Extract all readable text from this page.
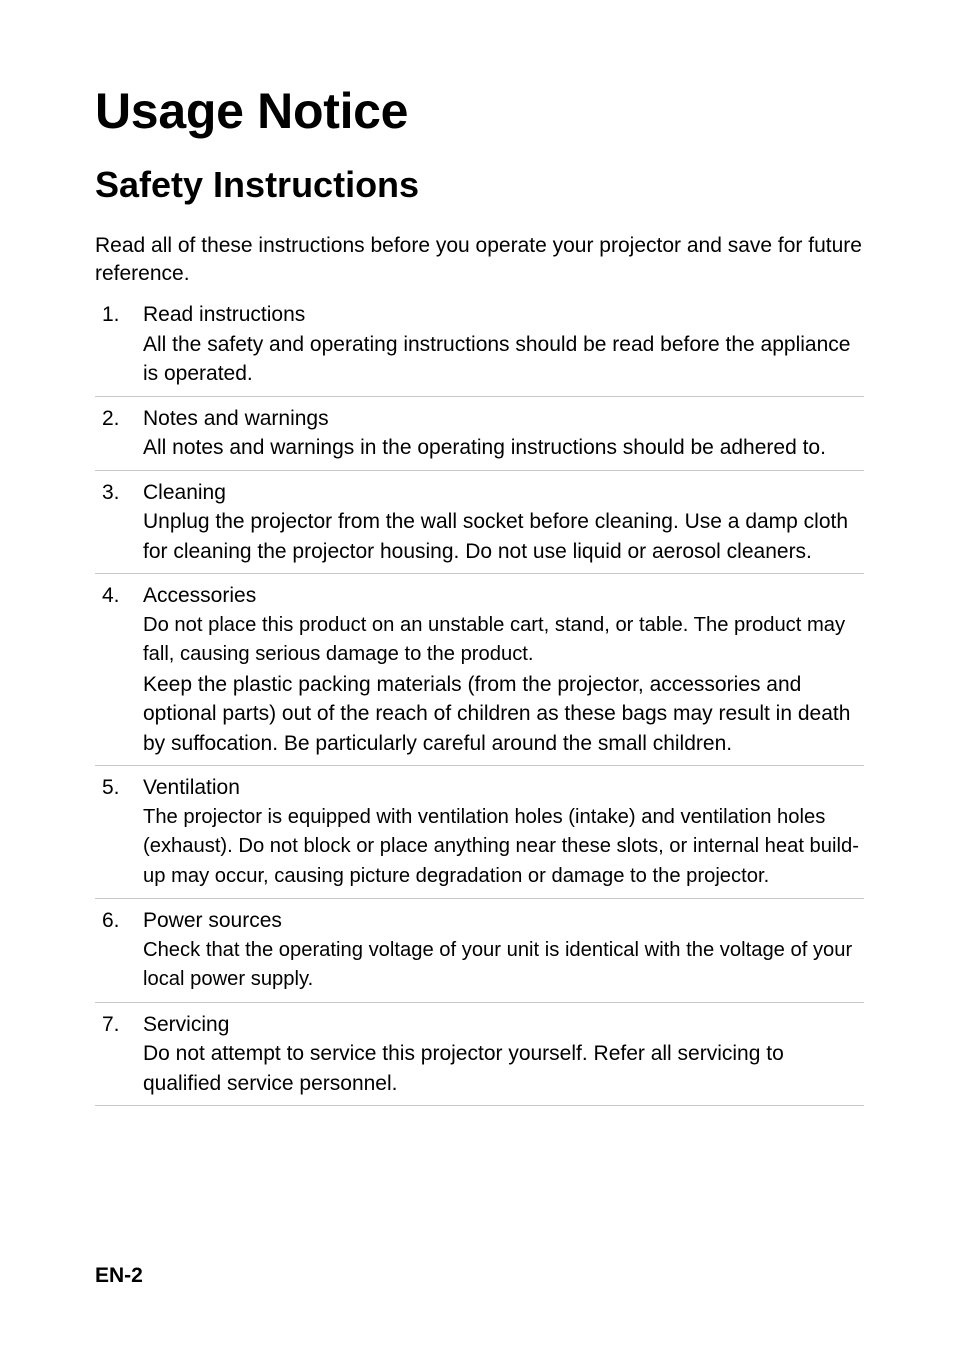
Usage Notice
Safety Instructions

Read all of these instructions before you operate your projector and save for future reference.

1. Read instructions
All the safety and operating instructions should be read before the appliance is operated.
2. Notes and warnings
All notes and warnings in the operating instructions should be adhered to.
3. Cleaning
Unplug the projector from the wall socket before cleaning. Use a damp cloth for cleaning the projector housing. Do not use liquid or aerosol cleaners.
4. Accessories
Do not place this product on an unstable cart, stand, or table. The product may fall, causing serious damage to the product.
Keep the plastic packing materials (from the projector, accessories and optional parts) out of the reach of children as these bags may result in death by suffocation. Be particularly careful around the small children.
5. Ventilation
The projector is equipped with ventilation holes (intake) and ventilation holes (exhaust). Do not block or place anything near these slots, or internal heat build-up may occur, causing picture degradation or damage to the projector.
6. Power sources
Check that the operating voltage of your unit is identical with the voltage of your local power supply.
7. Servicing
Do not attempt to service this projector yourself. Refer all servicing to qualified service personnel.

EN-2
